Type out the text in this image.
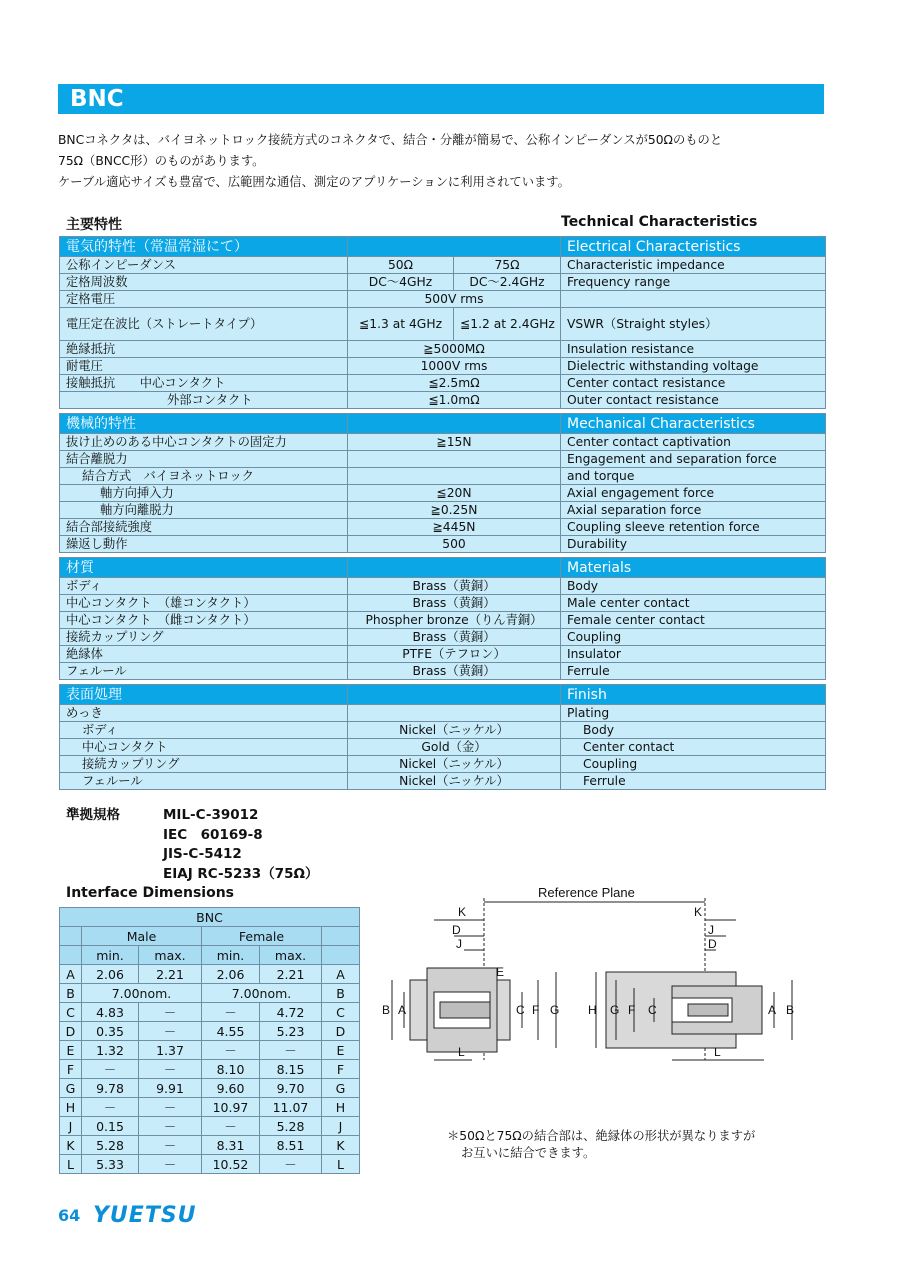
BNC
BNCコネクタは、バイヨネットロック接続方式のコネクタで、結合・分離が簡易で、公称インピーダンスが50Ωのものと
75Ω（BNCC形）のものがあります。
ケーブル適応サイズも豊富で、広範囲な通信、測定のアプリケーションに利用されています。
主要特性	Technical Characteristics
電気的特性（常温常湿にて）			Electrical Characteristics
公称インピーダンス	50Ω	75Ω	Characteristic impedance
定格周波数	DC～4GHz	DC～2.4GHz	Frequency range
定格電圧	500V rms		
電圧定在波比（ストレートタイプ）	≦1.3 at 4GHz	≦1.2 at 2.4GHz	VSWR（Straight styles）
絶縁抵抗	≧5000MΩ		Insulation resistance
耐電圧	1000V rms		Dielectric withstanding voltage
接触抵抗　　中心コンタクト	≦2.5mΩ		Center contact resistance
外部コンタクト	≦1.0mΩ		Outer contact resistance

機械的特性			Mechanical Characteristics
抜け止めのある中心コンタクトの固定力	≧15N		Center contact captivation
結合離脱力			Engagement and separation force
結合方式　バイヨネットロック			and torque
軸方向挿入力	≦20N		Axial engagement force
軸方向離脱力	≧0.25N		Axial separation force
結合部接続強度	≧445N		Coupling sleeve retention force
繰返し動作	500		Durability

材質			Materials
ボディ	Brass（黄銅）		Body
中心コンタクト　（雄コンタクト）	Brass（黄銅）		Male center contact
中心コンタクト　（雌コンタクト）	Phospher bronze（りん青銅）		Female center contact
接続カップリング	Brass（黄銅）		Coupling
絶縁体	PTFE（テフロン）		Insulator
フェルール	Brass（黄銅）		Ferrule

表面処理			Finish
めっき			Plating
ボディ	Nickel（ニッケル）		Body
中心コンタクト	Gold（金）		Center contact
接続カップリング	Nickel（ニッケル）		Coupling
フェルール	Nickel（ニッケル）		Ferrule
準拠規格	MIL-C-39012
IEC　60169-8
JIS-C-5412
EIAJ RC-5233（75Ω）
Interface Dimensions
BNC					
	Male		Female		
	min.	max.	min.	max.	
A	2.06	2.21	2.06	2.21	A
B	7.00nom.		7.00nom.		B
C	4.83	－	－	4.72	C
D	0.35	－	4.55	5.23	D
E	1.32	1.37	－	－	E
F	－	－	8.10	8.15	F
G	9.78	9.91	9.60	9.70	G
H	－	－	10.97	11.07	H
J	0.15	－	－	5.28	J
K	5.28	－	8.31	8.51	K
L	5.33	－	10.52	－	L
Reference Plane
K
D
J
E
B A	C F G
L
H G F C	A B
K
J
D
L
＊50Ωと75Ωの結合部は、絶縁体の形状が異なりますが
お互いに結合できます。
64 YUETSU
